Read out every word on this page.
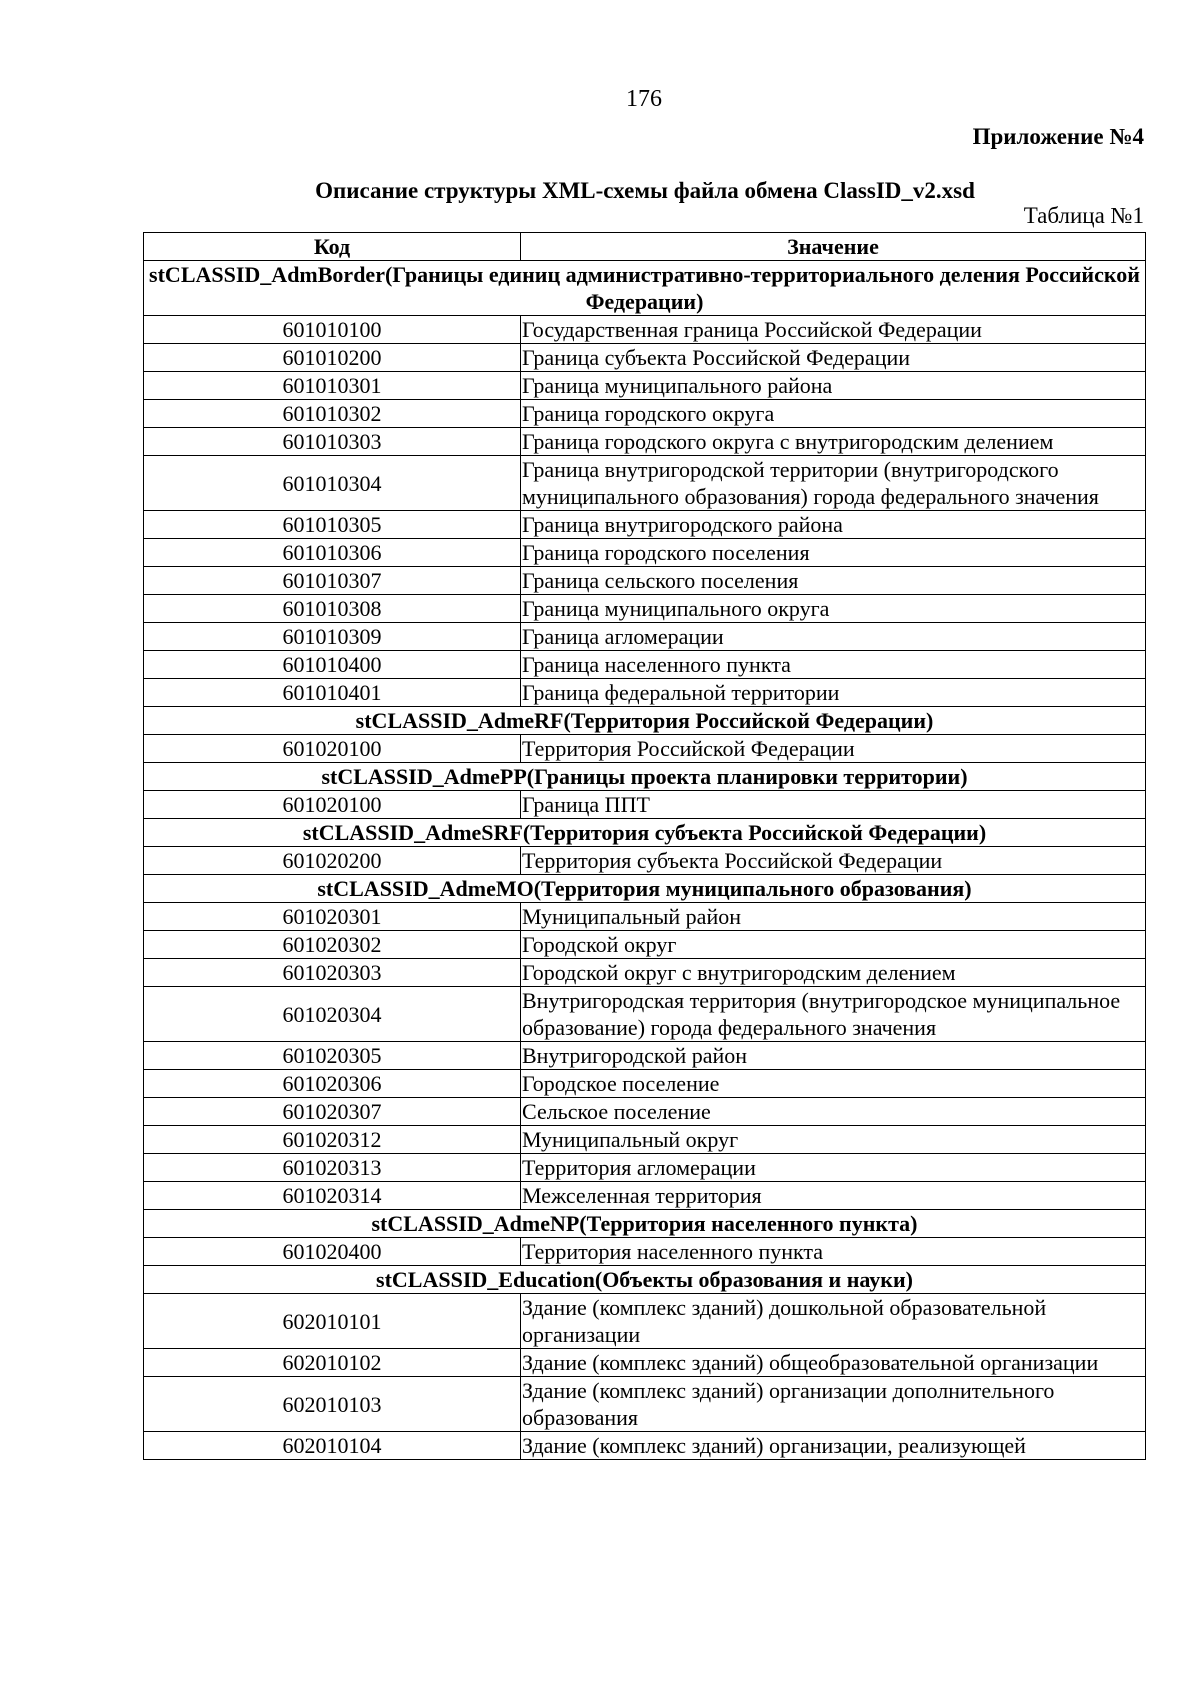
176
Приложение №4
Описание структуры XML-схемы файла обмена ClassID_v2.xsd
Таблица №1
Код	Значение
stCLASSID_AdmBorder(Границы единиц административно-территориального деления Российской Федерации)	
601010100	Государственная граница Российской Федерации
601010200	Граница субъекта Российской Федерации
601010301	Граница муниципального района
601010302	Граница городского округа
601010303	Граница городского округа с внутригородским делением
601010304	Граница внутригородской территории (внутригородского муниципального образования) города федерального значения
601010305	Граница внутригородского района
601010306	Граница городского поселения
601010307	Граница сельского поселения
601010308	Граница муниципального округа
601010309	Граница агломерации
601010400	Граница населенного пункта
601010401	Граница федеральной территории
stCLASSID_AdmeRF(Территория Российской Федерации)	
601020100	Территория Российской Федерации
stCLASSID_AdmePP(Границы проекта планировки территории)	
601020100	Граница ППТ
stCLASSID_AdmeSRF(Территория субъекта Российской Федерации)	
601020200	Территория субъекта Российской Федерации
stCLASSID_AdmeMO(Территория муниципального образования)	
601020301	Муниципальный район
601020302	Городской округ
601020303	Городской округ с внутригородским делением
601020304	Внутригородская территория (внутригородское муниципальное образование) города федерального значения
601020305	Внутригородской район
601020306	Городское поселение
601020307	Сельское поселение
601020312	Муниципальный округ
601020313	Территория агломерации
601020314	Межселенная территория
stCLASSID_AdmeNP(Территория населенного пункта)	
601020400	Территория населенного пункта
stCLASSID_Education(Объекты образования и науки)	
602010101	Здание (комплекс зданий) дошкольной образовательной организации
602010102	Здание (комплекс зданий) общеобразовательной организации
602010103	Здание (комплекс зданий) организации дополнительного образования
602010104	Здание (комплекс зданий) организации, реализующей
